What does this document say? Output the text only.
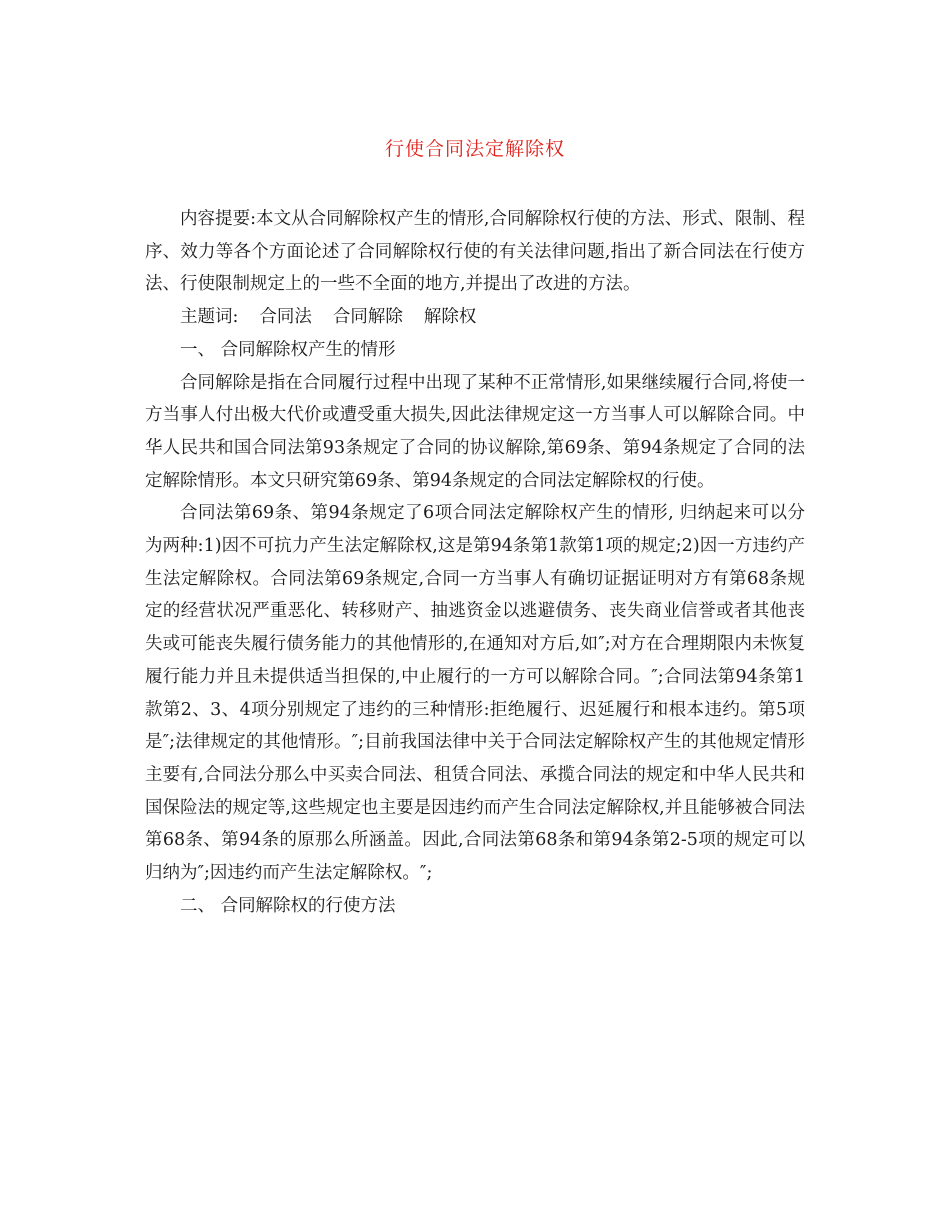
行使合同法定解除权

内容提要:本文从合同解除权产生的情形,合同解除权行使的方法、形式、限制、程序、效力等各个方面论述了合同解除权行使的有关法律问题,指出了新合同法在行使方法、行使限制规定上的一些不全面的地方,并提出了改进的方法。

主题词: 合同法 合同解除 解除权

一、 合同解除权产生的情形

合同解除是指在合同履行过程中出现了某种不正常情形,如果继续履行合同,将使一方当事人付出极大代价或遭受重大损失,因此法律规定这一方当事人可以解除合同。中华人民共和国合同法第93条规定了合同的协议解除,第69条、第94条规定了合同的法定解除情形。本文只研究第69条、第94条规定的合同法定解除权的行使。

合同法第69条、第94条规定了6项合同法定解除权产生的情形, 归纳起来可以分为两种:1)因不可抗力产生法定解除权,这是第94条第1款第1项的规定;2)因一方违约产生法定解除权。合同法第69条规定,合同一方当事人有确切证据证明对方有第68条规定的经营状况严重恶化、转移财产、抽逃资金以逃避债务、丧失商业信誉或者其他丧失或可能丧失履行债务能力的其他情形的,在通知对方后,如″;对方在合理期限内未恢复履行能力并且未提供适当担保的,中止履行的一方可以解除合同。″;合同法第94条第1款第2、3、4项分别规定了违约的三种情形:拒绝履行、迟延履行和根本违约。第5项是″;法律规定的其他情形。″;目前我国法律中关于合同法定解除权产生的其他规定情形主要有,合同法分那么中买卖合同法、租赁合同法、承揽合同法的规定和中华人民共和国保险法的规定等,这些规定也主要是因违约而产生合同法定解除权,并且能够被合同法第68条、第94条的原那么所涵盖。因此,合同法第68条和第94条第2-5项的规定可以归纳为″;因违约而产生法定解除权。″;

二、 合同解除权的行使方法
